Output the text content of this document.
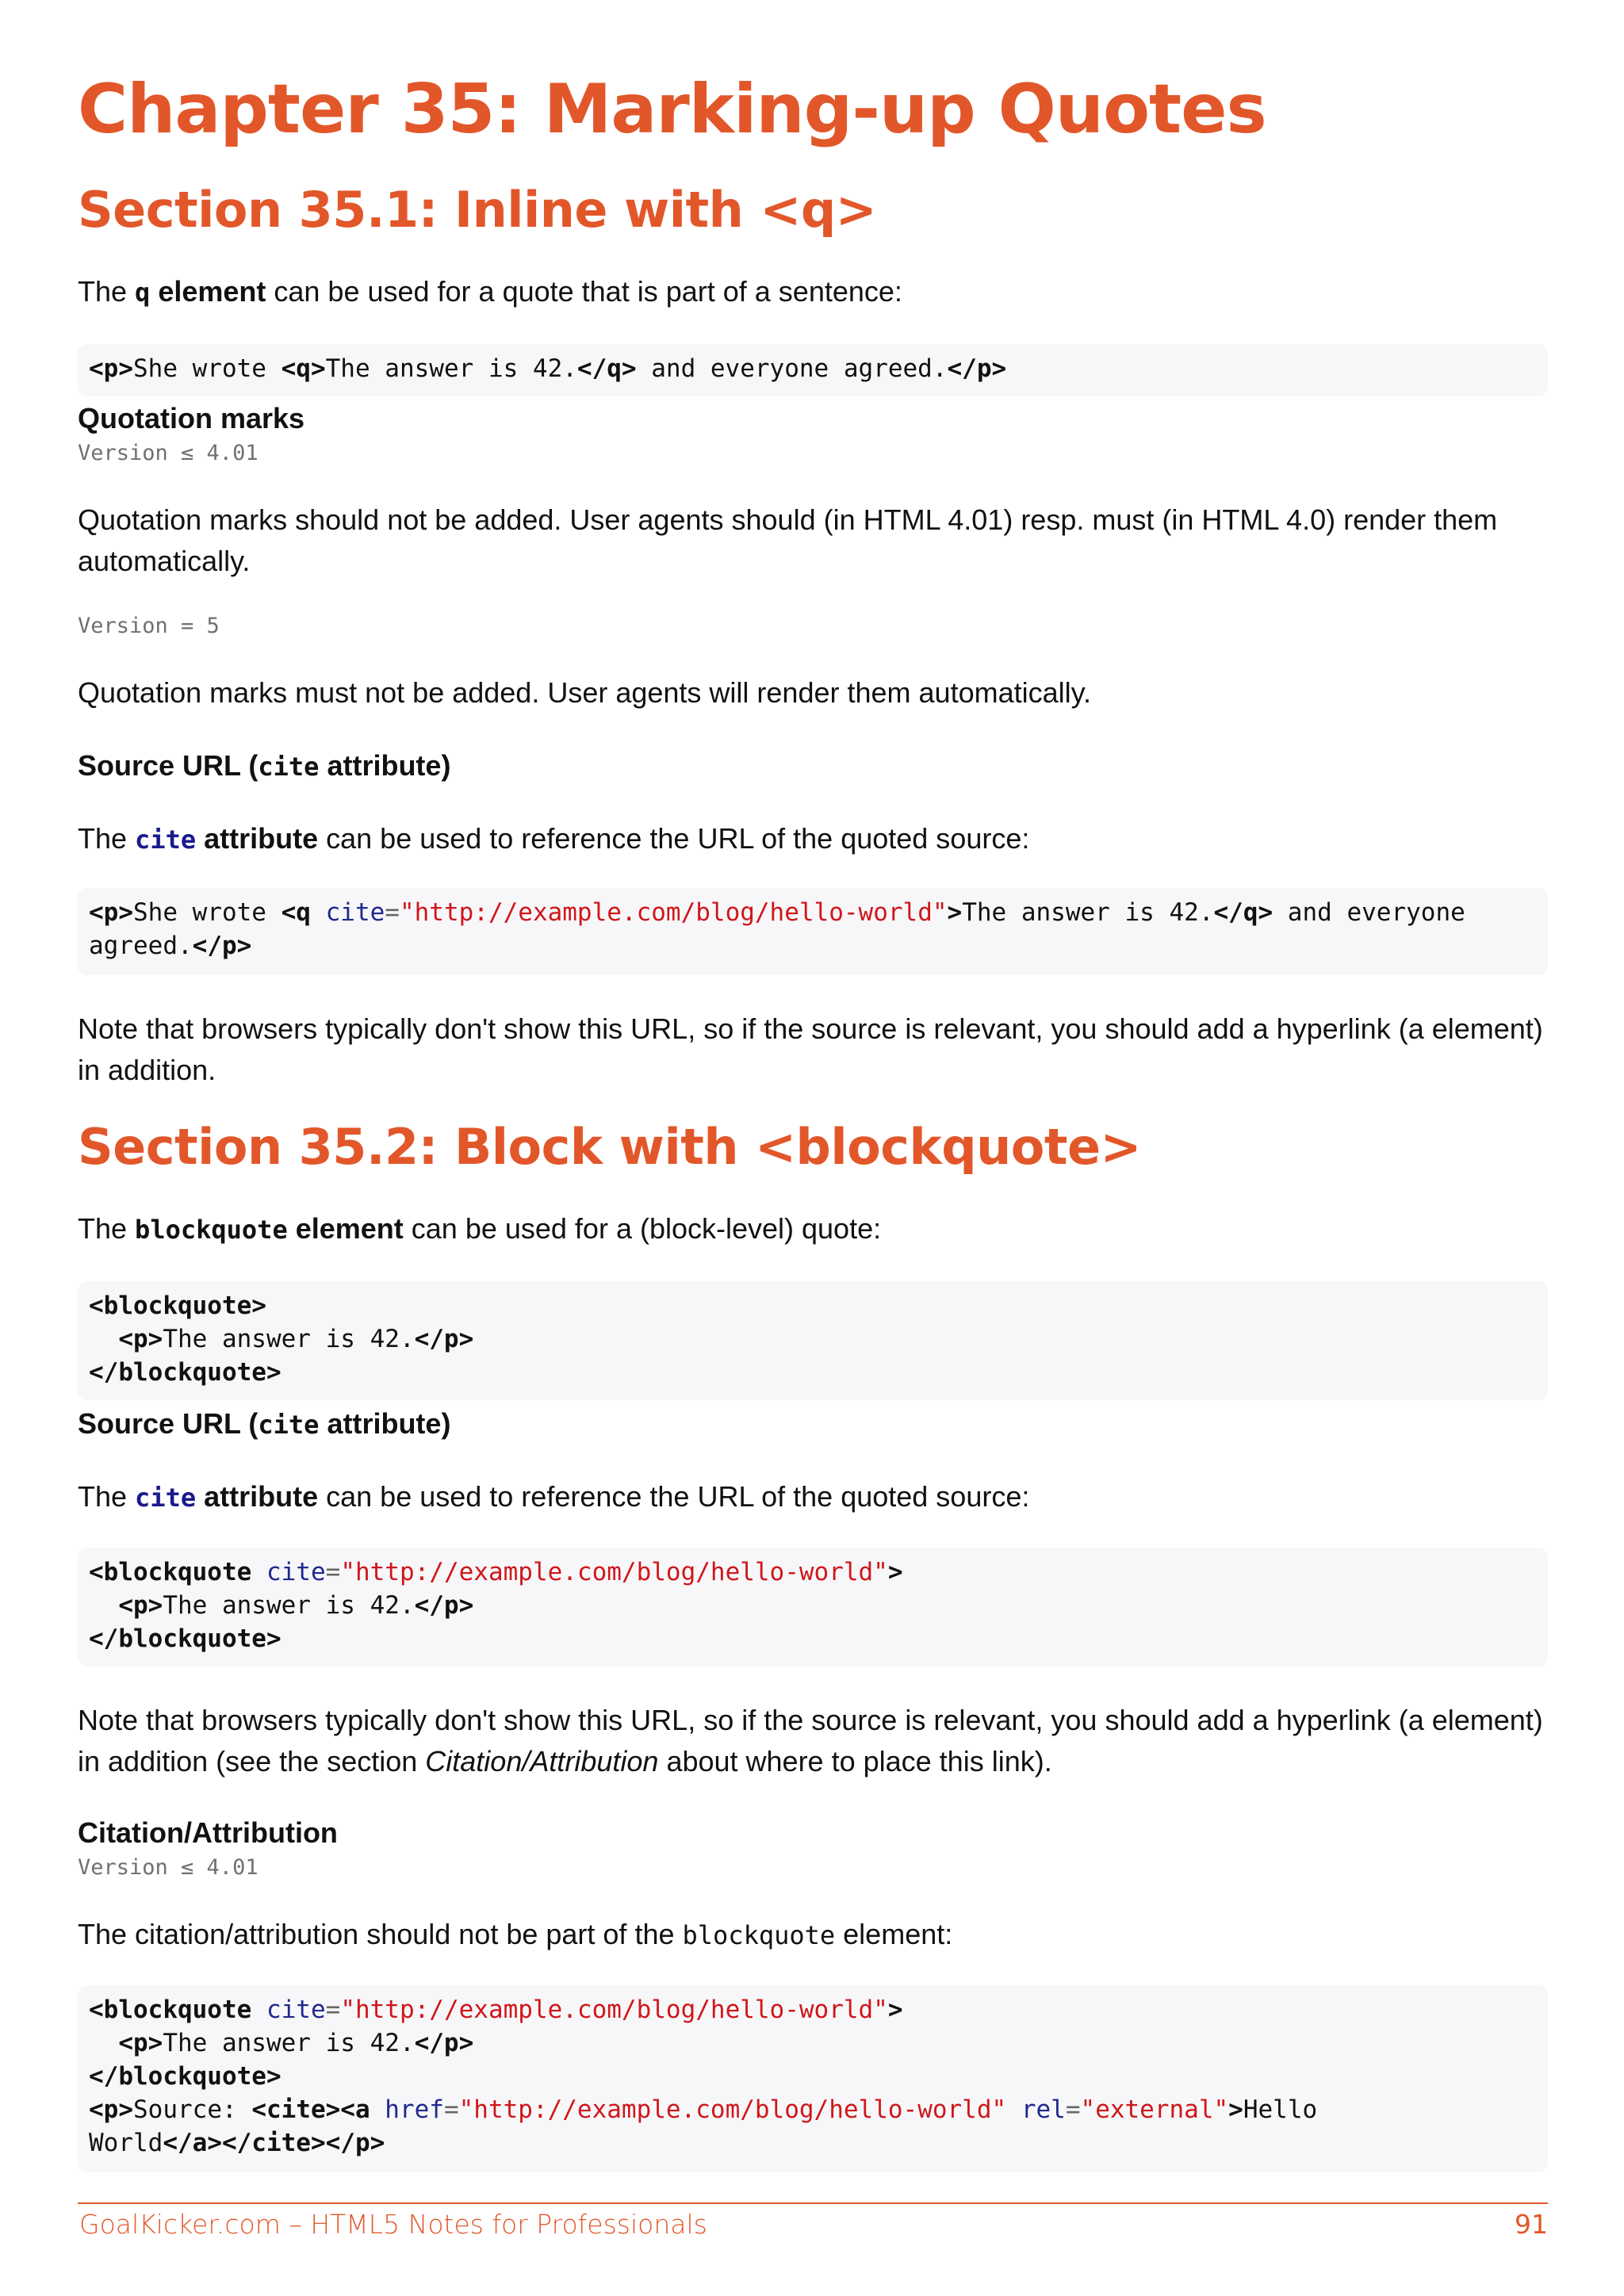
Chapter 35: Marking-up Quotes
Section 35.1: Inline with <q>

The q element can be used for a quote that is part of a sentence:

<p>She wrote <q>The answer is 42.</q> and everyone agreed.</p>
Quotation marks
Version ≤ 4.01

Quotation marks should not be added. User agents should (in HTML 4.01) resp. must (in HTML 4.0) render them automatically.

Version = 5

Quotation marks must not be added. User agents will render them automatically.

Source URL (cite attribute)

The cite attribute can be used to reference the URL of the quoted source:

<p>She wrote <q cite="http://example.com/blog/hello-world">The answer is 42.</q> and everyone
agreed.</p>

Note that browsers typically don't show this URL, so if the source is relevant, you should add a hyperlink (a element) in addition.

Section 35.2: Block with <blockquote>

The blockquote element can be used for a (block-level) quote:

<blockquote>
<p>The answer is 42.</p>
</blockquote>
Source URL (cite attribute)

The cite attribute can be used to reference the URL of the quoted source:

<blockquote cite="http://example.com/blog/hello-world">
<p>The answer is 42.</p>
</blockquote>

Note that browsers typically don't show this URL, so if the source is relevant, you should add a hyperlink (a element) in addition (see the section Citation/Attribution about where to place this link).

Citation/Attribution
Version ≤ 4.01

The citation/attribution should not be part of the blockquote element:

<blockquote cite="http://example.com/blog/hello-world">
<p>The answer is 42.</p>
</blockquote>
<p>Source: <cite><a href="http://example.com/blog/hello-world" rel="external">Hello
World</a></cite></p>
GoalKicker.com – HTML5 Notes for Professionals	91
